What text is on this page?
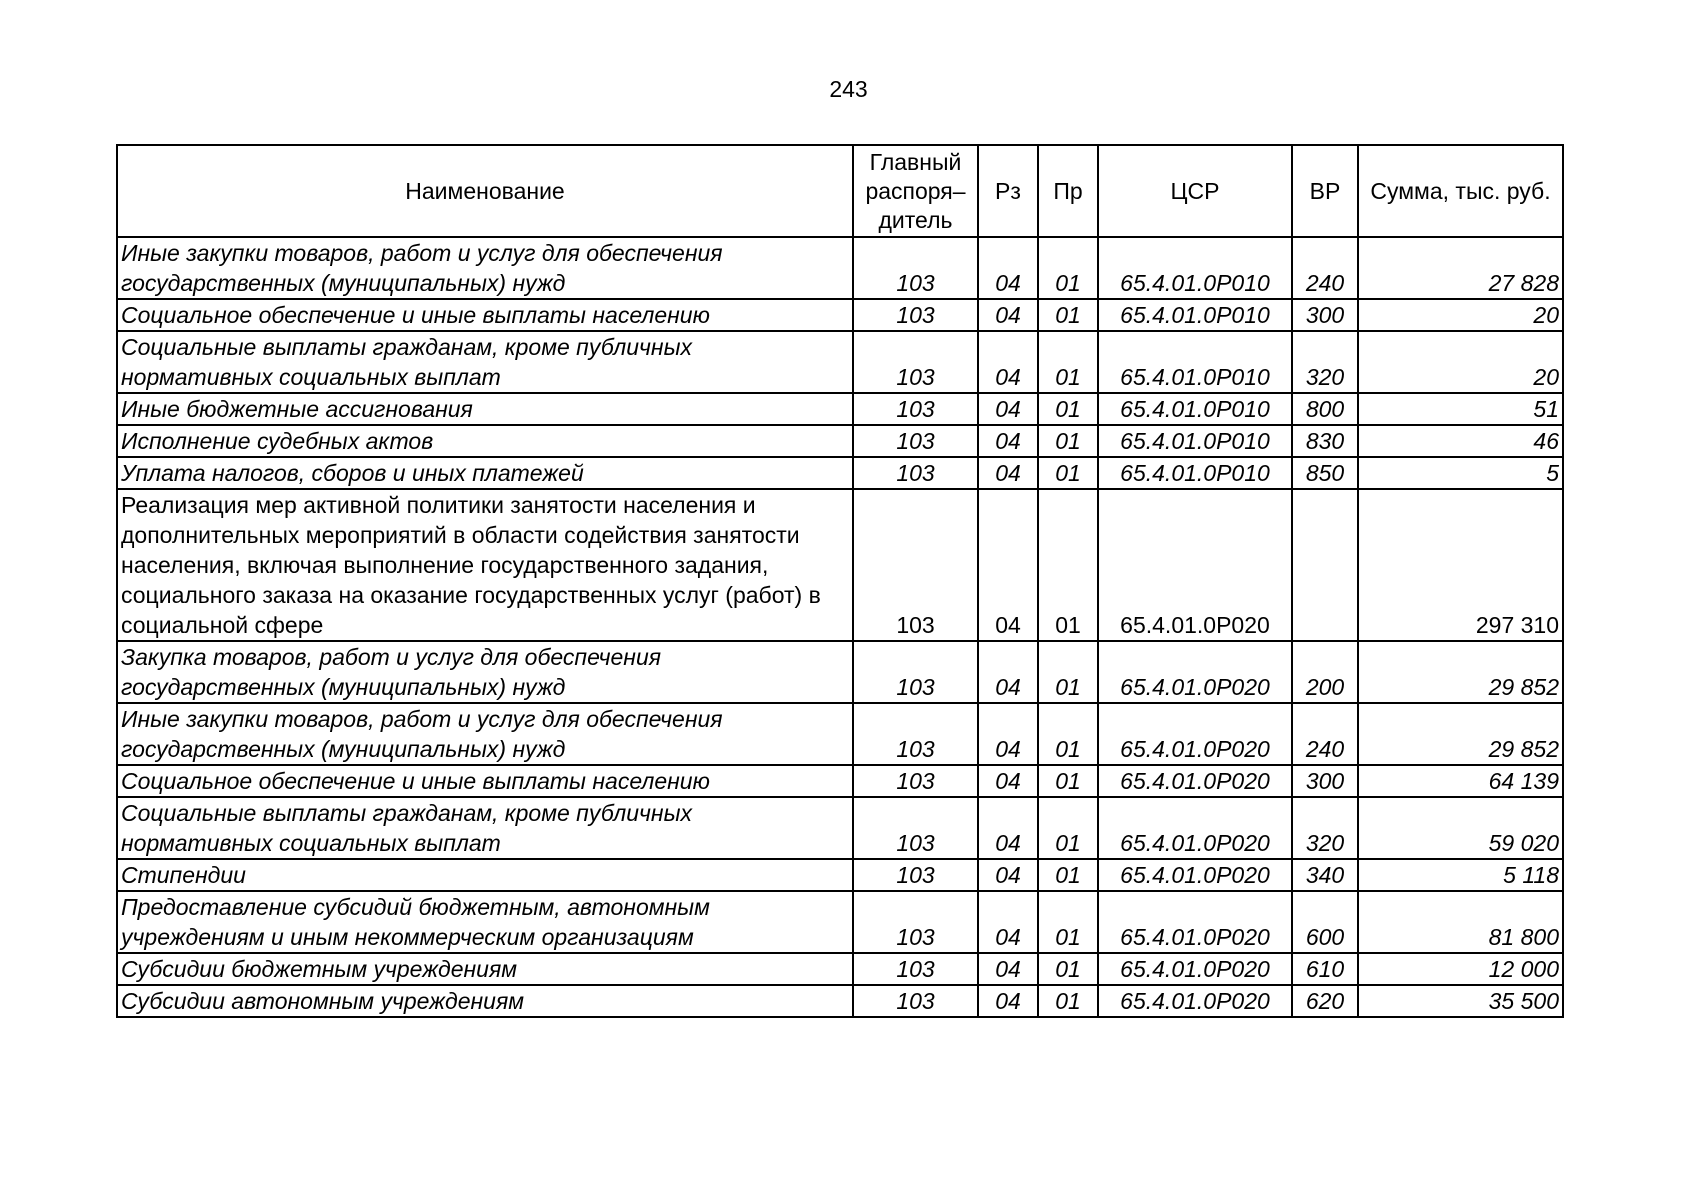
243
Наименование	Главный распоря– дитель	Рз	Пр	ЦСР	ВР	Сумма, тыс. руб.
Иные закупки товаров, работ и услуг для обеспечения государственных (муниципальных) нужд	103	04	01	65.4.01.0Р010	240	27 828
Социальное обеспечение и иные выплаты населению	103	04	01	65.4.01.0Р010	300	20
Социальные выплаты гражданам, кроме публичных нормативных социальных выплат	103	04	01	65.4.01.0Р010	320	20
Иные бюджетные ассигнования	103	04	01	65.4.01.0Р010	800	51
Исполнение судебных актов	103	04	01	65.4.01.0Р010	830	46
Уплата налогов, сборов и иных платежей	103	04	01	65.4.01.0Р010	850	5
Реализация мер активной политики занятости населения и дополнительных мероприятий в области содействия занятости населения, включая выполнение государственного задания, социального заказа на оказание государственных услуг (работ) в социальной сфере	103	04	01	65.4.01.0Р020		297 310
Закупка товаров, работ и услуг для обеспечения государственных (муниципальных) нужд	103	04	01	65.4.01.0Р020	200	29 852
Иные закупки товаров, работ и услуг для обеспечения государственных (муниципальных) нужд	103	04	01	65.4.01.0Р020	240	29 852
Социальное обеспечение и иные выплаты населению	103	04	01	65.4.01.0Р020	300	64 139
Социальные выплаты гражданам, кроме публичных нормативных социальных выплат	103	04	01	65.4.01.0Р020	320	59 020
Стипендии	103	04	01	65.4.01.0Р020	340	5 118
Предоставление субсидий бюджетным, автономным учреждениям и иным некоммерческим организациям	103	04	01	65.4.01.0Р020	600	81 800
Субсидии бюджетным учреждениям	103	04	01	65.4.01.0Р020	610	12 000
Субсидии автономным учреждениям	103	04	01	65.4.01.0Р020	620	35 500
